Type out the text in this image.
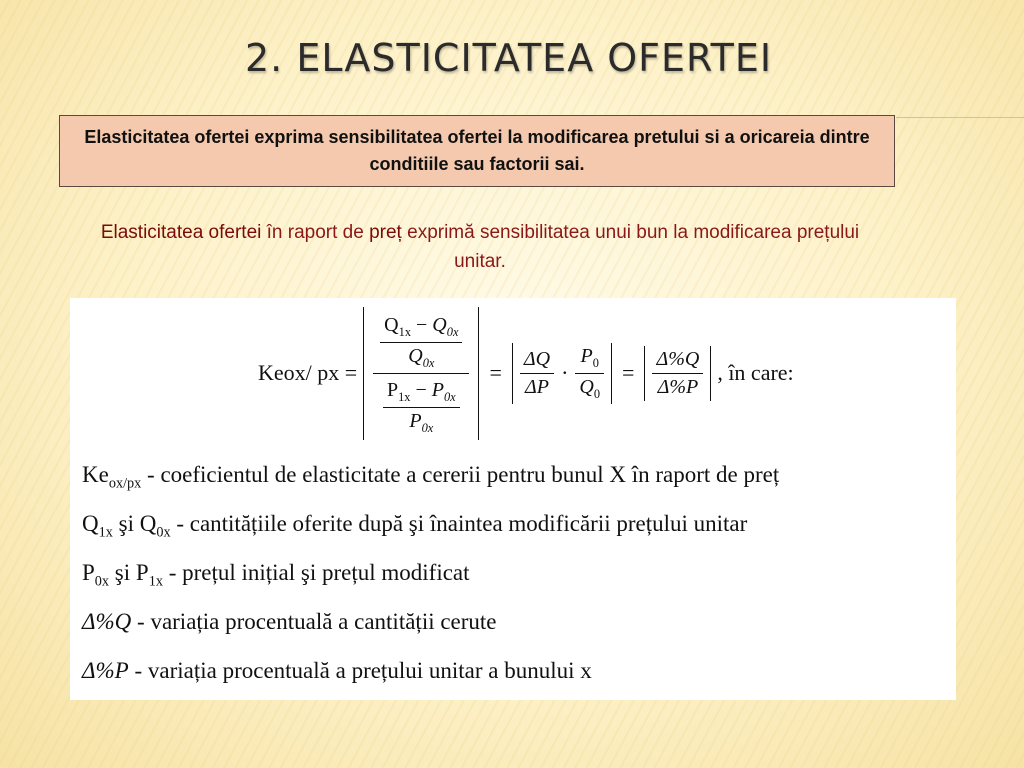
2. ELASTICITATEA OFERTEI
Elasticitatea ofertei exprima sensibilitatea ofertei la modificarea pretului si a oricareia dintre conditiile sau factorii sai.
Elasticitatea ofertei în raport de preț exprimă sensibilitatea unui bun la modificarea prețului unitar.
Keox/ px = $\frac{\frac{Q_{1x} - Q_{0x}}{Q_{0x}}}{\frac{P_{1x} - P_{0x}}{P_{0x}}} = \frac{\Delta Q}{\Delta P} \cdot \frac{P_0}{Q_0} = \frac{\Delta\%Q}{\Delta\%P}$ , în care:
$Ke_{ox/px}$ - coeficientul de elasticitate a cererii pentru bunul X în raport de preț
$Q_{1x}$ şi $Q_{0x}$ - cantitățiile oferite după şi înaintea modificării prețului unitar
$P_{0x}$ şi $P_{1x}$ - prețul inițial şi prețul modificat
Δ%Q - variația procentuală a cantității cerute
Δ%P - variația procentuală a prețului unitar a bunului x
